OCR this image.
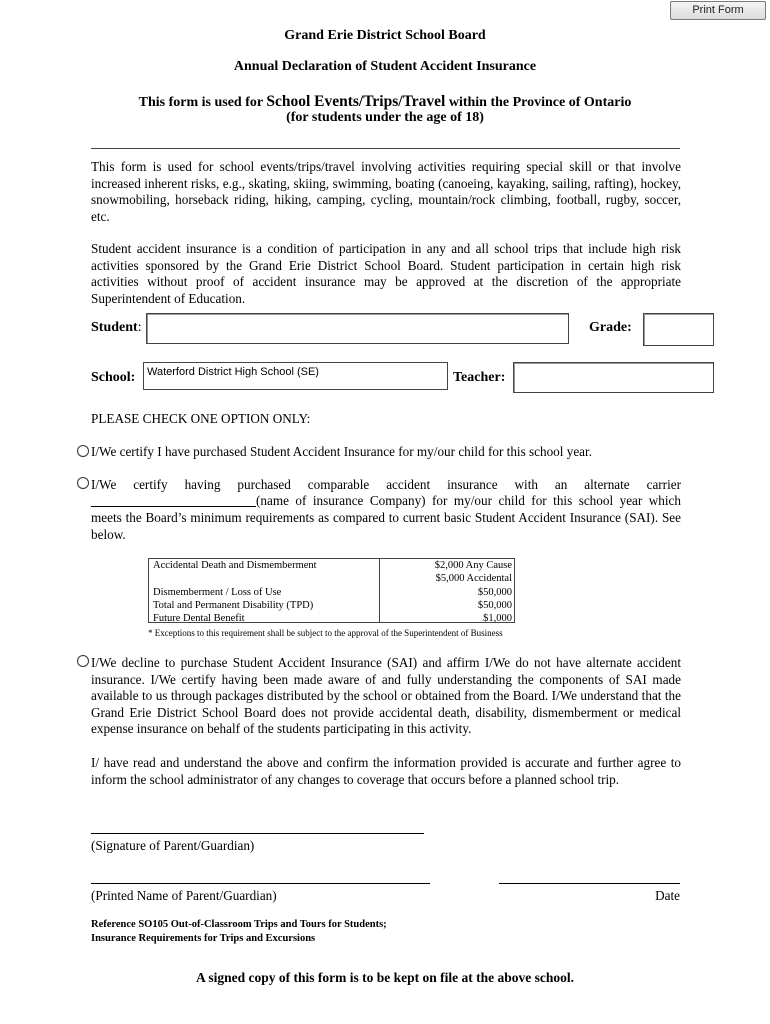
Print Form
Grand Erie District School Board
Annual Declaration of Student Accident Insurance
This form is used for School Events/Trips/Travel within the Province of Ontario
(for students under the age of 18)
This form is used for school events/trips/travel involving activities requiring special skill or that involve increased inherent risks, e.g., skating, skiing, swimming, boating (canoeing, kayaking, sailing, rafting), hockey, snowmobiling, horseback riding, hiking, camping, cycling, mountain/rock climbing, football, rugby, soccer, etc.
Student accident insurance is a condition of participation in any and all school trips that include high risk activities sponsored by the Grand Erie District School Board. Student participation in certain high risk activities without proof of accident insurance may be approved at the discretion of the appropriate Superintendent of Education.
Student:	Grade:
School: Waterford District High School (SE)	Teacher:
PLEASE CHECK ONE OPTION ONLY:
I/We certify I have purchased Student Accident Insurance for my/our child for this school year.
I/We certify having purchased comparable accident insurance with an alternate carrier
(name of insurance Company) for my/our child for this school year which
meets the Board’s minimum requirements as compared to current basic Student Accident Insurance (SAI). See below.
Accidental Death and Dismemberment	$2,000 Any Cause
	$5,000 Accidental
Dismemberment / Loss of Use	$50,000
Total and Permanent Disability (TPD)	$50,000
Future Dental Benefit	$1,000
* Exceptions to this requirement shall be subject to the approval of the Superintendent of Business
I/We decline to purchase Student Accident Insurance (SAI) and affirm I/We do not have alternate accident insurance. I/We certify having been made aware of and fully understanding the components of SAI made available to us through packages distributed by the school or obtained from the Board. I/We understand that the Grand Erie District School Board does not provide accidental death, disability, dismemberment or medical expense insurance on behalf of the students participating in this activity.
I/ have read and understand the above and confirm the information provided is accurate and further agree to inform the school administrator of any changes to coverage that occurs before a planned school trip.
(Signature of Parent/Guardian)
(Printed Name of Parent/Guardian)	Date
Reference SO105 Out-of-Classroom Trips and Tours for Students;
Insurance Requirements for Trips and Excursions
A signed copy of this form is to be kept on file at the above school.
